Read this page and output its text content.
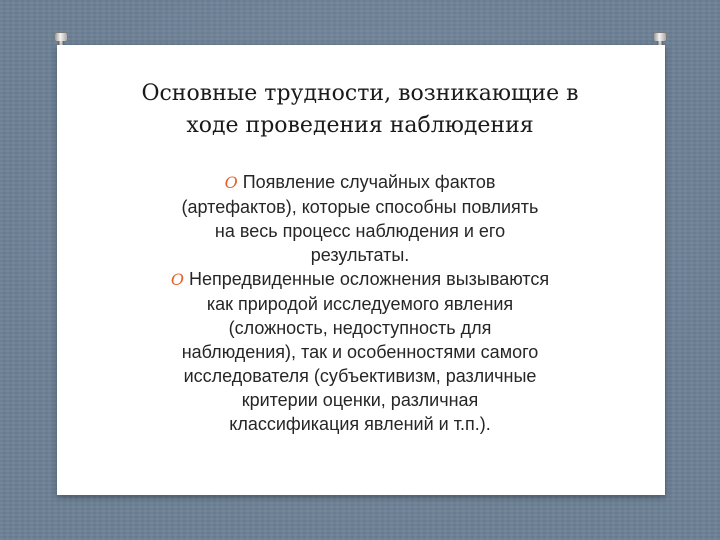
Основные трудности, возникающие в
ходе проведения наблюдения
O Появление случайных фактов
(артефактов), которые способны повлиять
на весь процесс наблюдения и его
результаты.
O Непредвиденные осложнения вызываются
как природой исследуемого явления
(сложность, недоступность для
наблюдения), так и особенностями самого
исследователя (субъективизм, различные
критерии оценки, различная
классификация явлений и т.п.).
